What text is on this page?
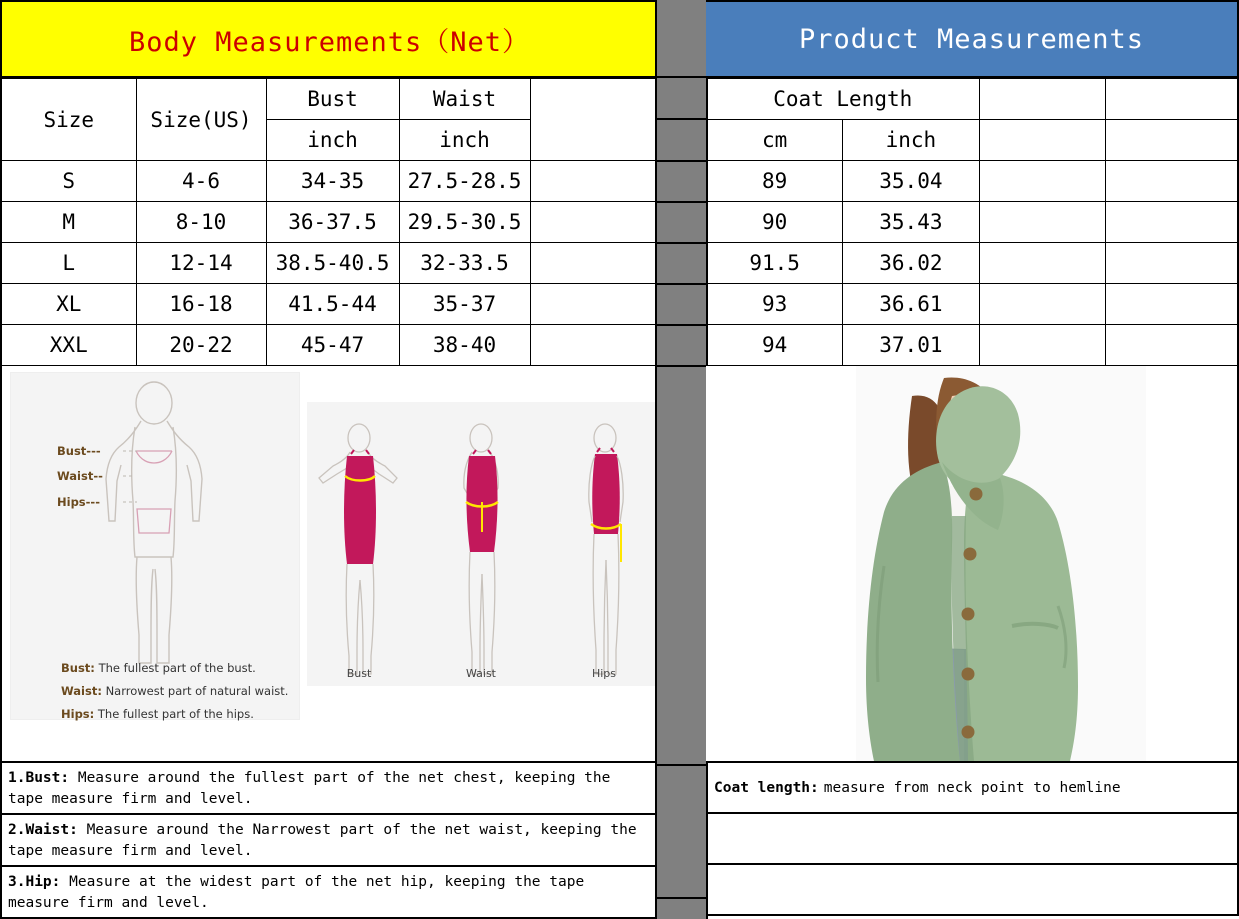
Body Measurements（Net）
Size	Size(US)	Bust	Waist	
		inch	inch	
S	4-6	34-35	27.5-28.5	
M	8-10	36-37.5	29.5-30.5	
L	12-14	38.5-40.5	32-33.5	
XL	16-18	41.5-44	35-37	
XXL	20-22	45-47	38-40	
Bust---
Waist--
Hips---
Bust: The fullest part of the bust.
Waist: Narrowest part of natural waist.
Hips: The fullest part of the hips.
Bust	Waist	Hips
1.Bust: Measure around the fullest part of the net chest, keeping the tape measure firm and level.
2.Waist: Measure around the Narrowest part of the net waist, keeping the tape measure firm and level.
3.Hip: Measure at the widest part of the net hip, keeping the tape measure firm and level.
Product Measurements
Coat Length			
cm	inch		
89	35.04		
90	35.43		
91.5	36.02		
93	36.61		
94	37.01		
Coat length: measure from neck point to hemline
